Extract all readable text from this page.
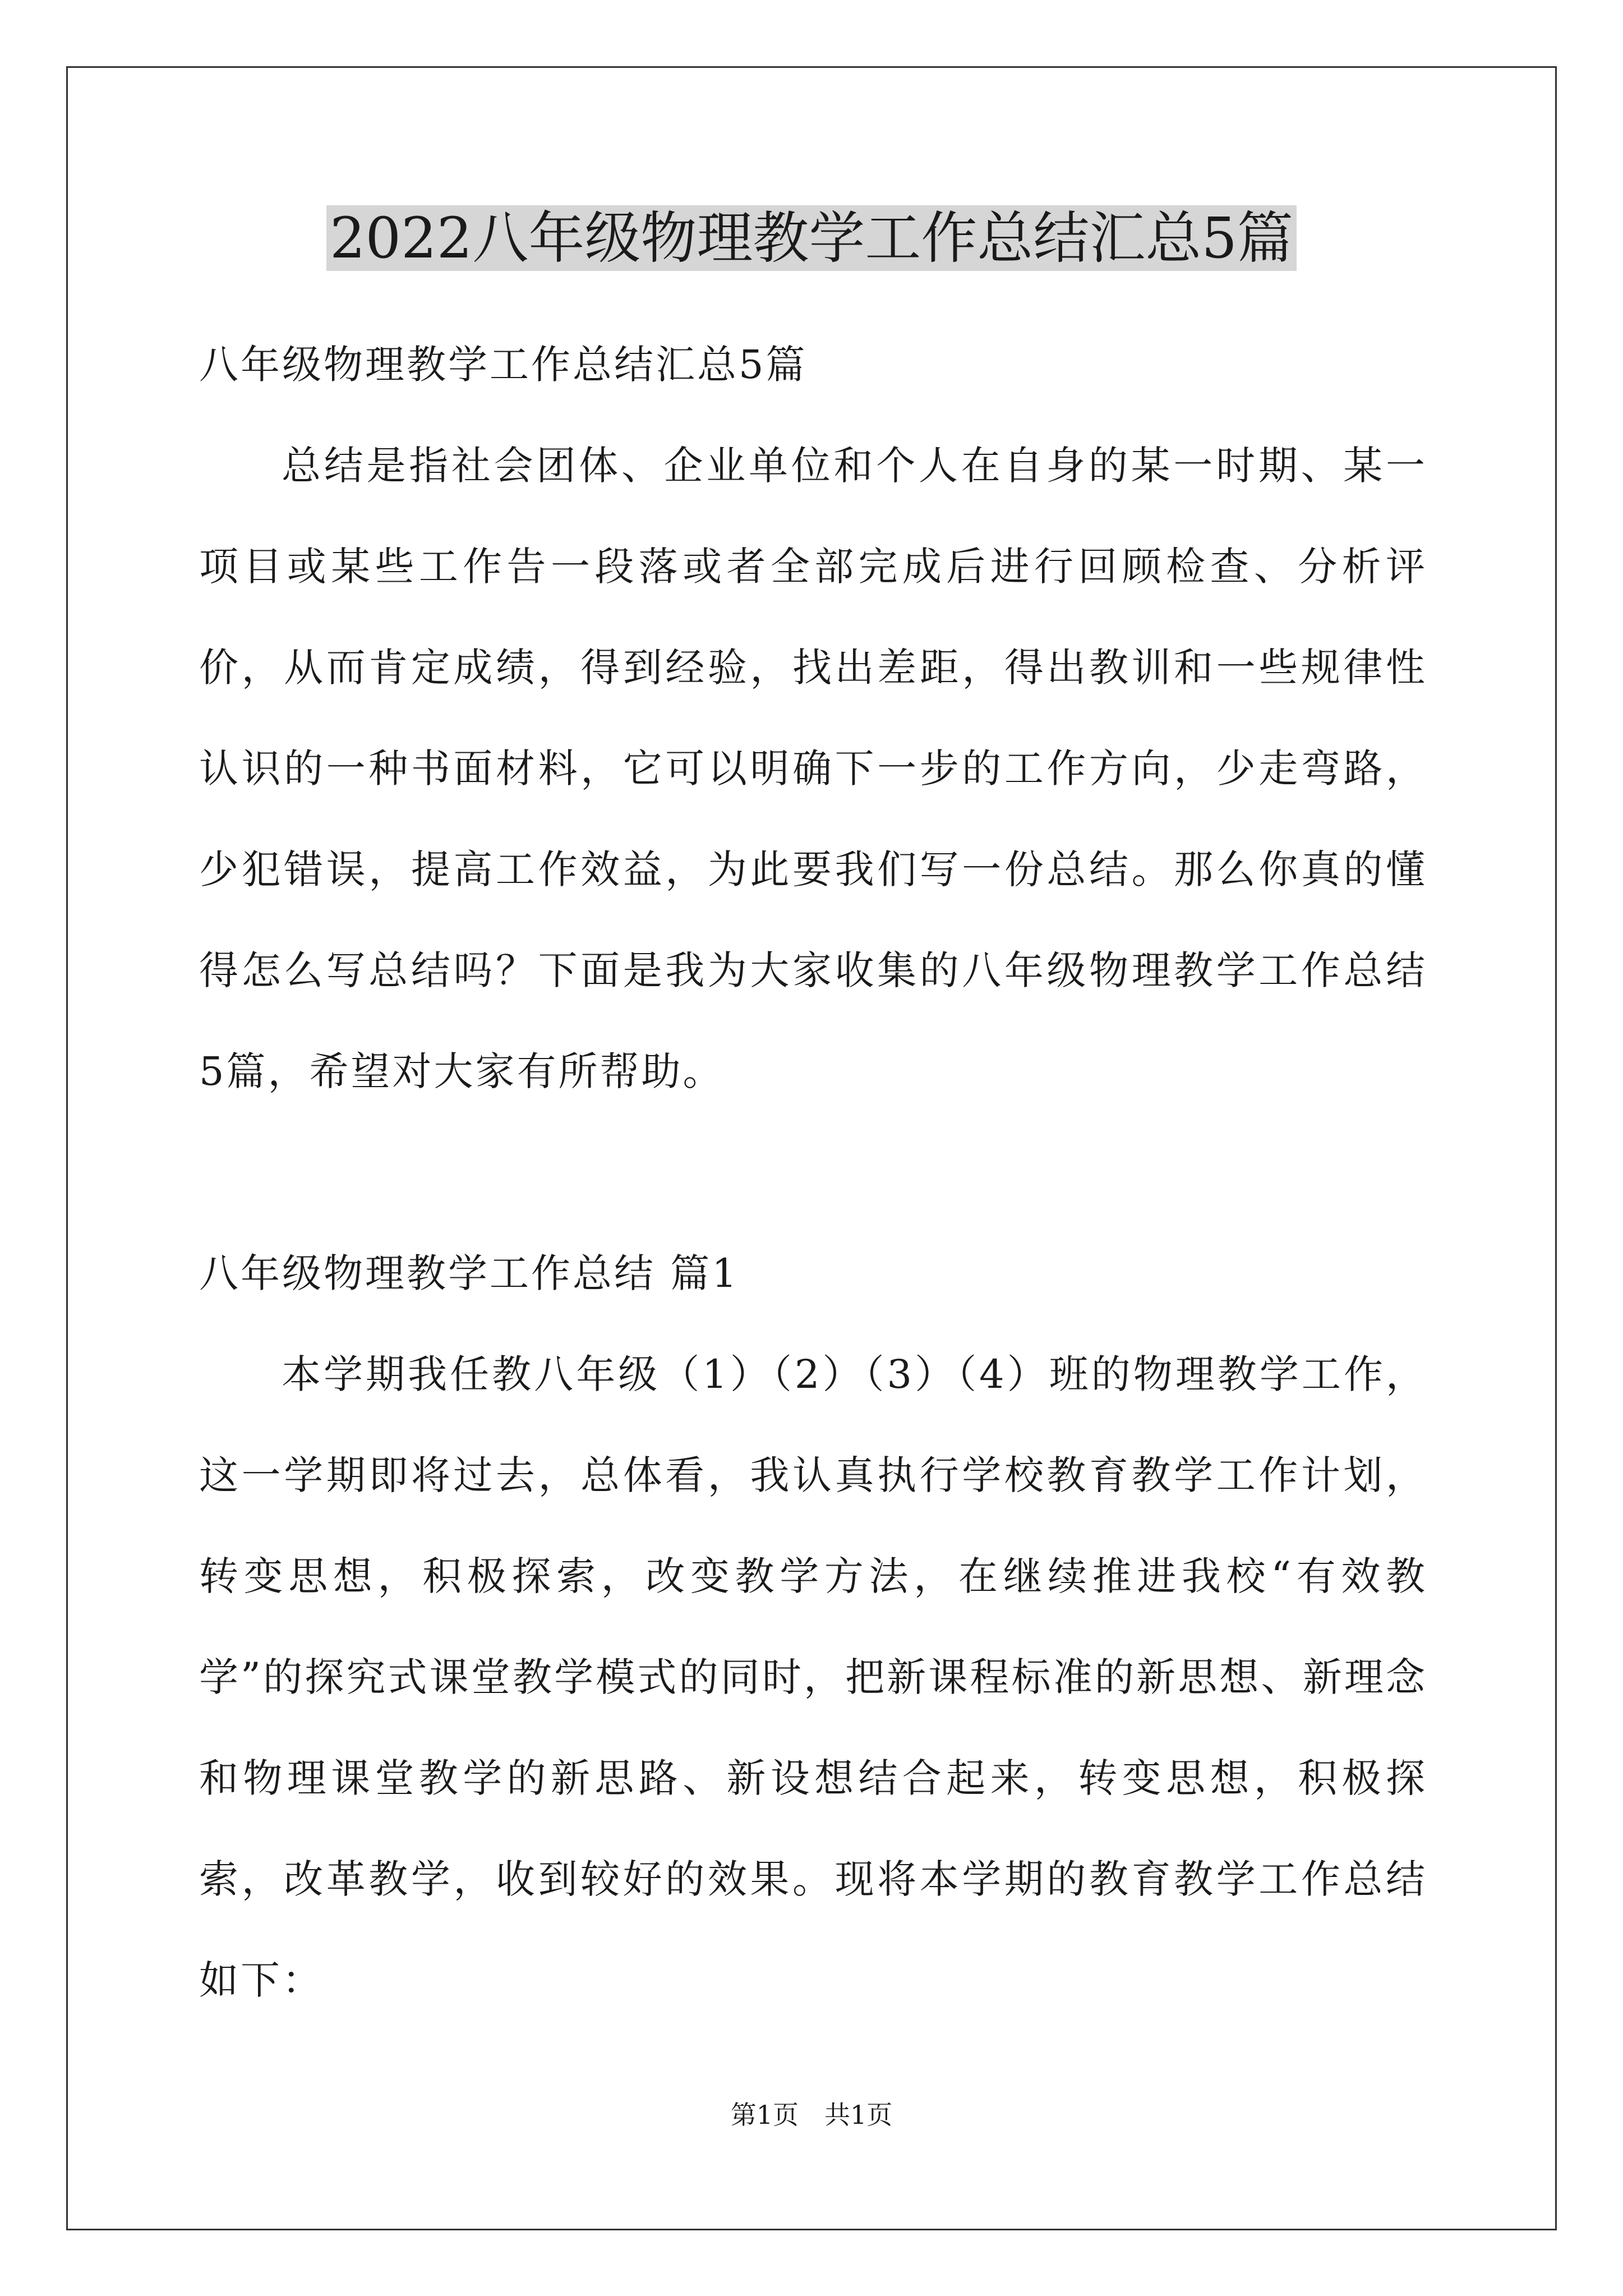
2022八年级物理教学工作总结汇总5篇

八年级物理教学工作总结汇总5篇

总结是指社会团体、企业单位和个人在自身的某一时期、某一项目或某些工作告一段落或者全部完成后进行回顾检查、分析评价，从而肯定成绩，得到经验，找出差距，得出教训和一些规律性认识的一种书面材料，它可以明确下一步的工作方向，少走弯路，少犯错误，提高工作效益，为此要我们写一份总结。那么你真的懂得怎么写总结吗？下面是我为大家收集的八年级物理教学工作总结5篇，希望对大家有所帮助。

八年级物理教学工作总结 篇1

本学期我任教八年级（1）（2）（3）（4）班的物理教学工作，这一学期即将过去，总体看，我认真执行学校教育教学工作计划，转变思想，积极探索，改变教学方法，在继续推进我校“有效教学”的探究式课堂教学模式的同时，把新课程标准的新思想、新理念和物理课堂教学的新思路、新设想结合起来，转变思想，积极探索，改革教学，收到较好的效果。现将本学期的教育教学工作总结如下：

第1页　共1页
